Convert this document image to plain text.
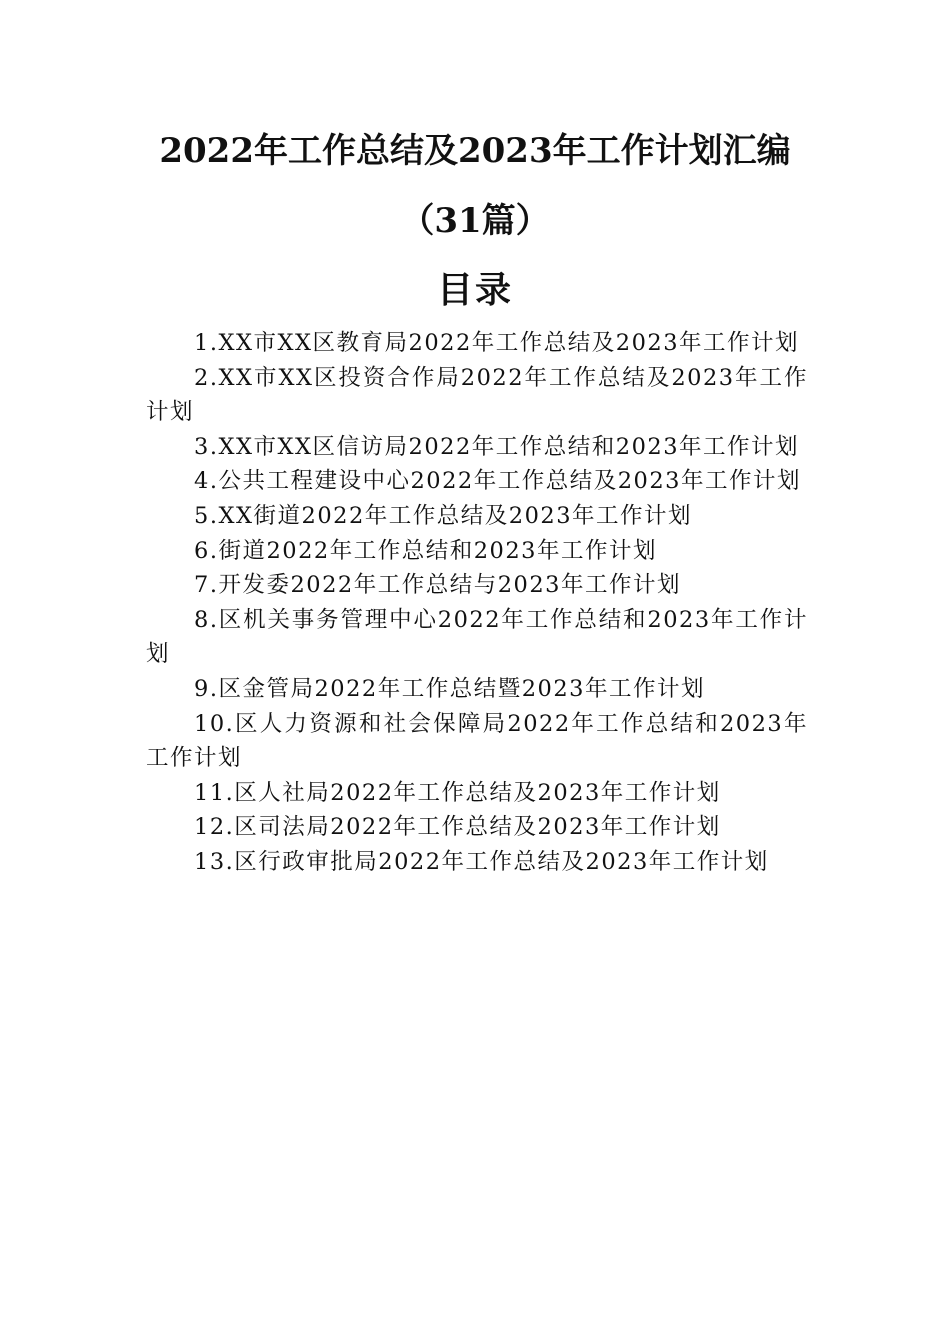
2022年工作总结及2023年工作计划汇编
（31篇）
目录
1.XX市XX区教育局2022年工作总结及2023年工作计划
2.XX市XX区投资合作局2022年工作总结及2023年工作计划
3.XX市XX区信访局2022年工作总结和2023年工作计划
4.公共工程建设中心2022年工作总结及2023年工作计划
5.XX街道2022年工作总结及2023年工作计划
6.街道2022年工作总结和2023年工作计划
7.开发委2022年工作总结与2023年工作计划
8.区机关事务管理中心2022年工作总结和2023年工作计划
9.区金管局2022年工作总结暨2023年工作计划
10.区人力资源和社会保障局2022年工作总结和2023年工作计划
11.区人社局2022年工作总结及2023年工作计划
12.区司法局2022年工作总结及2023年工作计划
13.区行政审批局2022年工作总结及2023年工作计划
